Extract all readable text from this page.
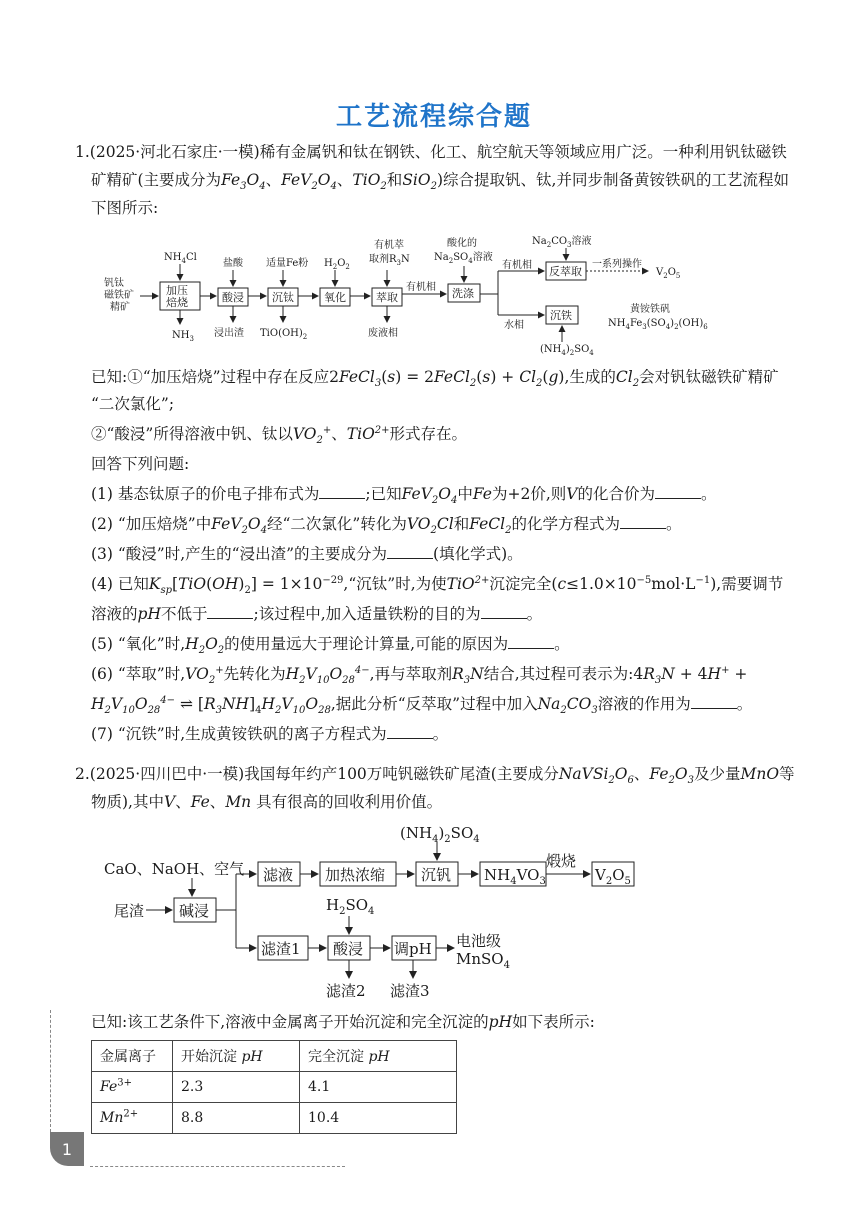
工艺流程综合题
1.(2025·河北石家庄·一模)稀有金属钒和钛在钢铁、化工、航空航天等领域应用广泛。一种利用钒钛磁铁
矿精矿(主要成分为$Fe_3O_4$、$FeV_2O_4$、TiO$_2$和SiO$_2$)综合提取钒、钛,并同步制备黄铵铁矾的工艺流程如
下图所示:
钒钛
磁铁矿
精矿
加压
焙烧	酸浸	沉钛	氧化	萃取	洗涤
反萃取
沉铁
$NH_4Cl$
盐酸 适量Fe粉 $H_2O_2$
有机萃
取剂$R_3N$
酸化的
$Na_2SO_4$溶液
有机相
有机相
$Na_2CO_3$溶液
一系列操作
$V_2O_5$
水相
黄铵铁矾
$NH_4Fe_3(SO_4)_2(OH)_6$
$NH_3$ 浸出渣 $TiO(OH)_2$	废液相
$(NH_4)_2SO_4$
已知:①“加压焙烧”过程中存在反应2FeCl$_3$(s) = 2FeCl$_2$(s) + $Cl_2(g)$,生成的$Cl_2$会对钒钛磁铁矿精矿
“二次氯化”;
②“酸浸”所得溶液中钒、钛以$VO_2^+$、TiO$^{2+}$形式存在。
回答下列问题:
(1) 基态钛原子的价电子排布式为	;已知$FeV_2O_4$中Fe为+2价,则V的化合价为	。
(2) “加压焙烧”中$FeV_2O_4$经“二次氯化”转化为$VO_2Cl$和FeCl$_2$的化学方程式为	。
(3) “酸浸”时,产生的“浸出渣”的主要成分为	(填化学式)。
(4) 已知$K_{sp}[TiO(OH)_2]$ = $1\times 10^{-29},“$沉钛”时,为使TiO$^{2+}$沉淀完全$(c\le 1.0\times 10^{-5}mol\cdot L^{-1})$,需要调节
溶液的pH不低于	;该过程中,加入适量铁粉的目的为	。
(5) “氧化”时$,H_2O_2$的使用量远大于理论计算量,可能的原因为	。
(6) “萃取”时$,VO_2^+$先转化为$H_2V_{10}O_{28}^{4-}$,再与萃取剂$R_3N$结合,其过程可表示为$:4R_3N + 4H^+$ +
$H_2V_{10}O_{28}^{4-}$ ⇌ $[R_3NH]_4H_2V_{10}O_{28}$,据此分析“反萃取”过程中加入$Na_2CO_3$溶液的作用为	。
(7) “沉铁”时,生成黄铵铁矾的离子方程式为	。
2.(2025·四川巴中·一模)我国每年约产100万吨钒磁铁矿尾渣(主要成分$NaVSi_2O_6$、$Fe_2O_3$及少量MnO等
物质),其中V、Fe、Mn 具有很高的回收利用价值。
CaO、NaOH、空气
尾渣 碱浸
滤液 加热浓缩 沉钒 $NH_4VO_3$	$V_2O_5$
煅烧
$(NH_4)_2SO_4$
滤渣1 酸浸 调pH
$H_2SO_4$
电池级
MnSO$_4$
滤渣2 滤渣3
已知:该工艺条件下,溶液中金属离子开始沉淀和完全沉淀的pH如下表所示:
金属离子	开始沉淀 pH	完全沉淀 pH
$Fe^{3+}$	2.3	4.1
$Mn^{2+}$	8.8	10.4
1
